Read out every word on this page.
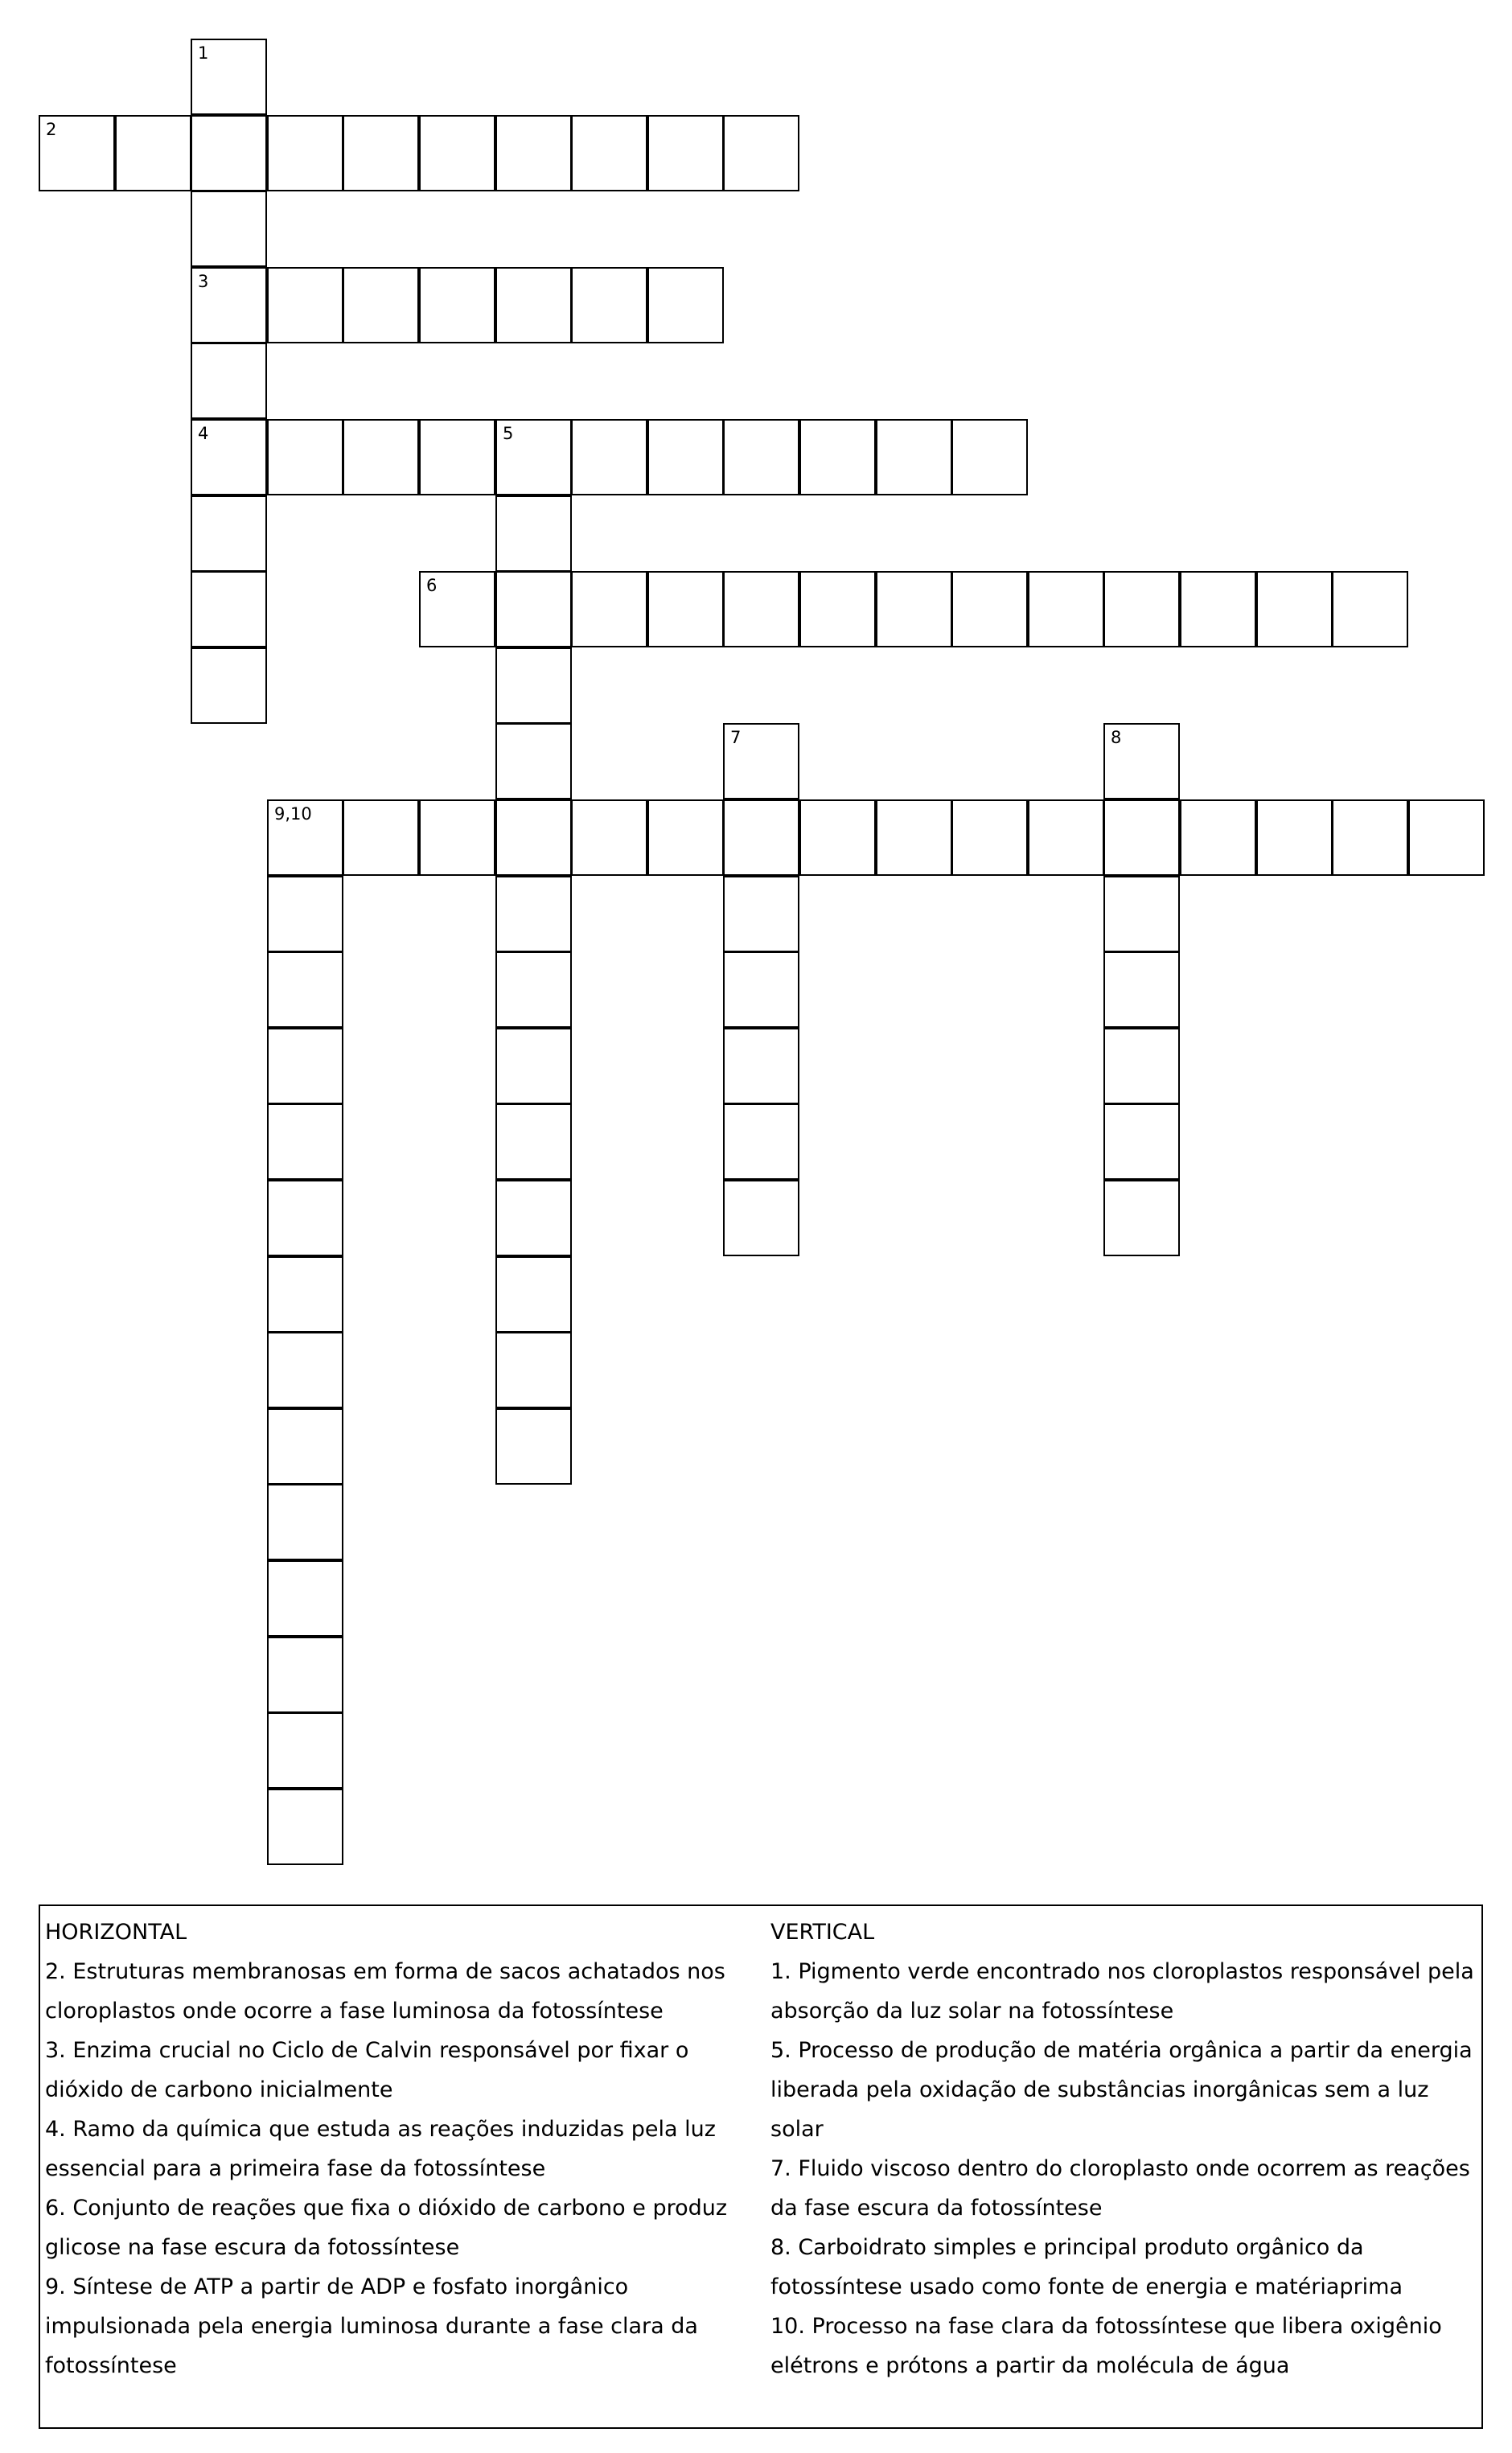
1
3
4
2
5
6
7	8
9,10
HORIZONTAL
2. Estruturas membranosas em forma de sacos achatados nos cloroplastos onde ocorre a fase luminosa da fotossíntese
3. Enzima crucial no Ciclo de Calvin responsável por fixar o dióxido de carbono inicialmente
4. Ramo da química que estuda as reações induzidas pela luz essencial para a primeira fase da fotossíntese
6. Conjunto de reações que fixa o dióxido de carbono e produz glicose na fase escura da fotossíntese
9. Síntese de ATP a partir de ADP e fosfato inorgânico impulsionada pela energia luminosa durante a fase clara da fotossíntese
VERTICAL
1. Pigmento verde encontrado nos cloroplastos responsável pela absorção da luz solar na fotossíntese
5. Processo de produção de matéria orgânica a partir da energia liberada pela oxidação de substâncias inorgânicas sem a luz solar
7. Fluido viscoso dentro do cloroplasto onde ocorrem as reações da fase escura da fotossíntese
8. Carboidrato simples e principal produto orgânico da fotossíntese usado como fonte de energia e matériaprima
10. Processo na fase clara da fotossíntese que libera oxigênio elétrons e prótons a partir da molécula de água
